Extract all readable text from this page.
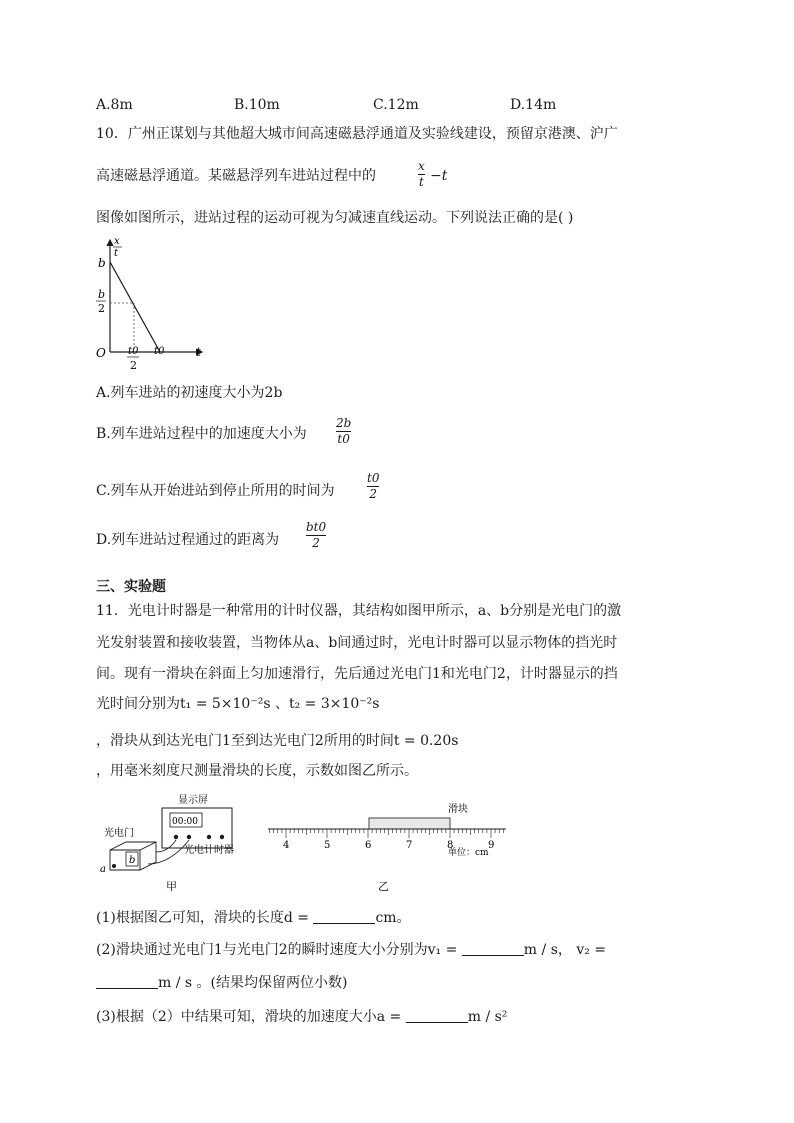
A.8m	B.10m	C.12m	D.14m
10．广州正谋划与其他超大城市间高速磁悬浮通道及实验线建设，预留京港澳、沪广
高速磁悬浮通道。某磁悬浮列车进站过程中的
x
t −t
图像如图所示，进站过程的运动可视为匀减速直线运动。下列说法正确的是( )
x
t
b
b
2
O t0
2
t0	t
A.列车进站的初速度大小为2b
B.列车进站过程中的加速度大小为
2b
t0
C.列车从开始进站到停止所用的时间为
t0
2
D.列车进站过程通过的距离为
bt0
2
三、实验题
11．光电计时器是一种常用的计时仪器，其结构如图甲所示，a、b分别是光电门的激
光发射装置和接收装置，当物体从a、b间通过时，光电计时器可以显示物体的挡光时
间。现有一滑块在斜面上匀加速滑行，先后通过光电门1和光电门2，计时器显示的挡
光时间分别为t₁ = 5×10⁻²s 、t₂ = 3×10⁻²s
，滑块从到达光电门1至到达光电门2所用的时间t = 0.20s
，用毫米刻度尺测量滑块的长度，示数如图乙所示。
显示屏
00:00
光电门
b
a
光电计时器
甲
滑块
4	5	6	7	8	9
单位：cm
乙
(1)根据图乙可知，滑块的长度d =	cm。
(2)滑块通过光电门1与光电门2的瞬时速度大小分别为v₁ =	m / s， v₂ =
m / s 。(结果均保留两位小数)
(3)根据（2）中结果可知，滑块的加速度大小a =	m / s²
